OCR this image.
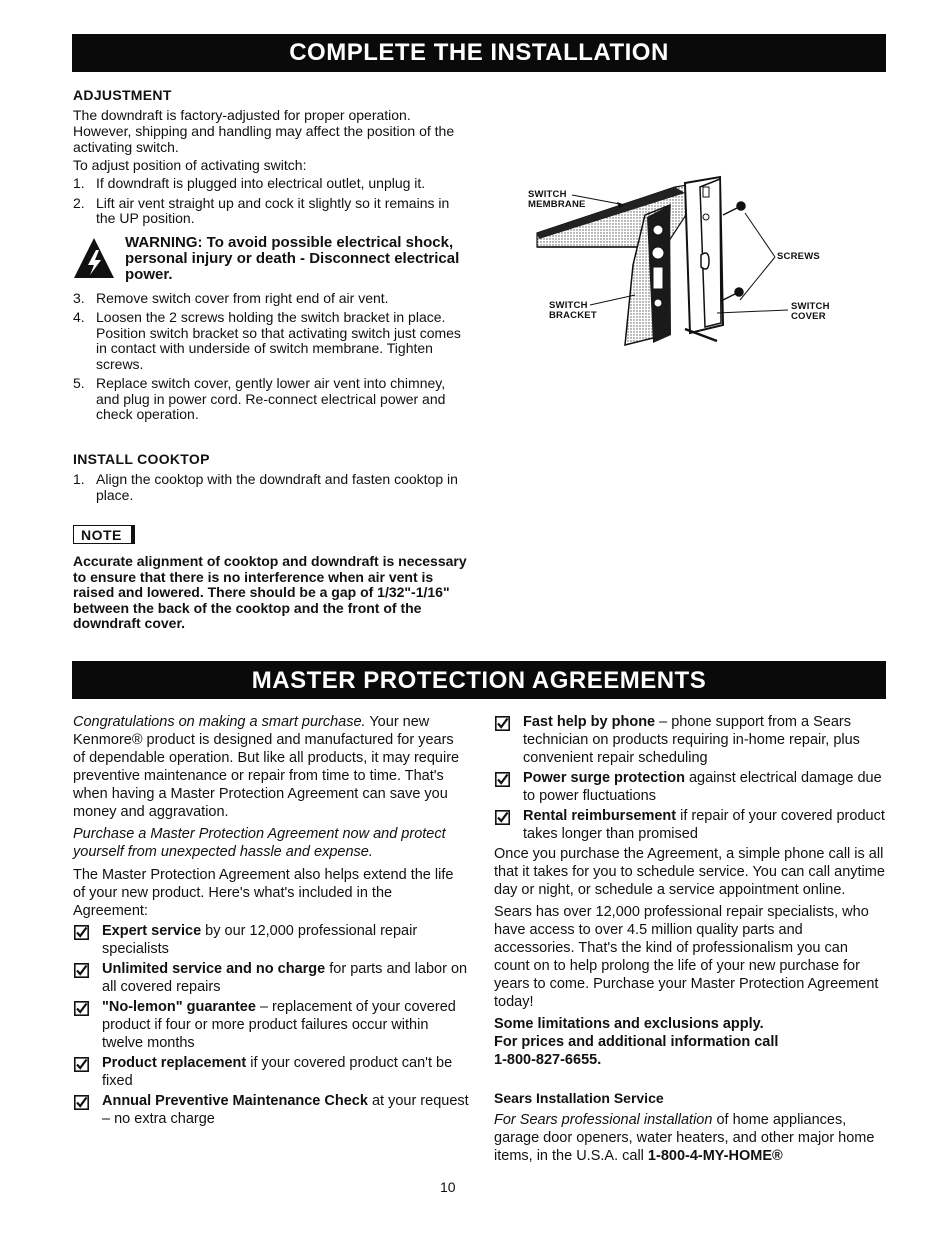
COMPLETE THE INSTALLATION

ADJUSTMENT

The downdraft is factory-adjusted for proper operation. However, shipping and handling may affect the position of the activating switch.

To adjust position of activating switch:

1. If downdraft is plugged into electrical outlet, unplug it.
2. Lift air vent straight up and cock it slightly so it remains in the UP position.
WARNING: To avoid possible electrical shock, personal injury or death - Disconnect electrical power.
3. Remove switch cover from right end of air vent.
4. Loosen the 2 screws holding the switch bracket in place. Position switch bracket so that activating switch just comes in contact with underside of switch membrane. Tighten screws.
5. Replace switch cover, gently lower air vent into chimney, and plug in power cord. Re-connect electrical power and check operation.
SWITCH
MEMBRANE
SCREWS
SWITCH
BRACKET
SWITCH
COVER

INSTALL COOKTOP

1. Align the cooktop with the downdraft and fasten cooktop in place.
NOTE
Accurate alignment of cooktop and downdraft is necessary to ensure that there is no interference when air vent is raised and lowered. There should be a gap of 1/32"-1/16" between the back of the cooktop and the front of the downdraft cover.
MASTER PROTECTION AGREEMENTS

Congratulations on making a smart purchase. Your new Kenmore® product is designed and manufactured for years of dependable operation. But like all products, it may require preventive maintenance or repair from time to time. That's when having a Master Protection Agreement can save you money and aggravation.

Purchase a Master Protection Agreement now and protect yourself from unexpected hassle and expense.

The Master Protection Agreement also helps extend the life of your new product. Here's what's included in the Agreement:

Expert service by our 12,000 professional repair specialists
Unlimited service and no charge for parts and labor on all covered repairs
"No-lemon" guarantee – replacement of your covered product if four or more product failures occur within twelve months
Product replacement if your covered product can't be fixed
Annual Preventive Maintenance Check at your request – no extra charge
Fast help by phone – phone support from a Sears technician on products requiring in-home repair, plus convenient repair scheduling
Power surge protection against electrical damage due to power fluctuations
Rental reimbursement if repair of your covered product takes longer than promised

Once you purchase the Agreement, a simple phone call is all that it takes for you to schedule service. You can call anytime day or night, or schedule a service appointment online.

Sears has over 12,000 professional repair specialists, who have access to over 4.5 million quality parts and accessories. That's the kind of professionalism you can count on to help prolong the life of your new purchase for years to come. Purchase your Master Protection Agreement today!

Some limitations and exclusions apply.

For prices and additional information call

1-800-827-6655.

Sears Installation Service

For Sears professional installation of home appliances, garage door openers, water heaters, and other major home items, in the U.S.A. call 1-800-4-MY-HOME®

10
